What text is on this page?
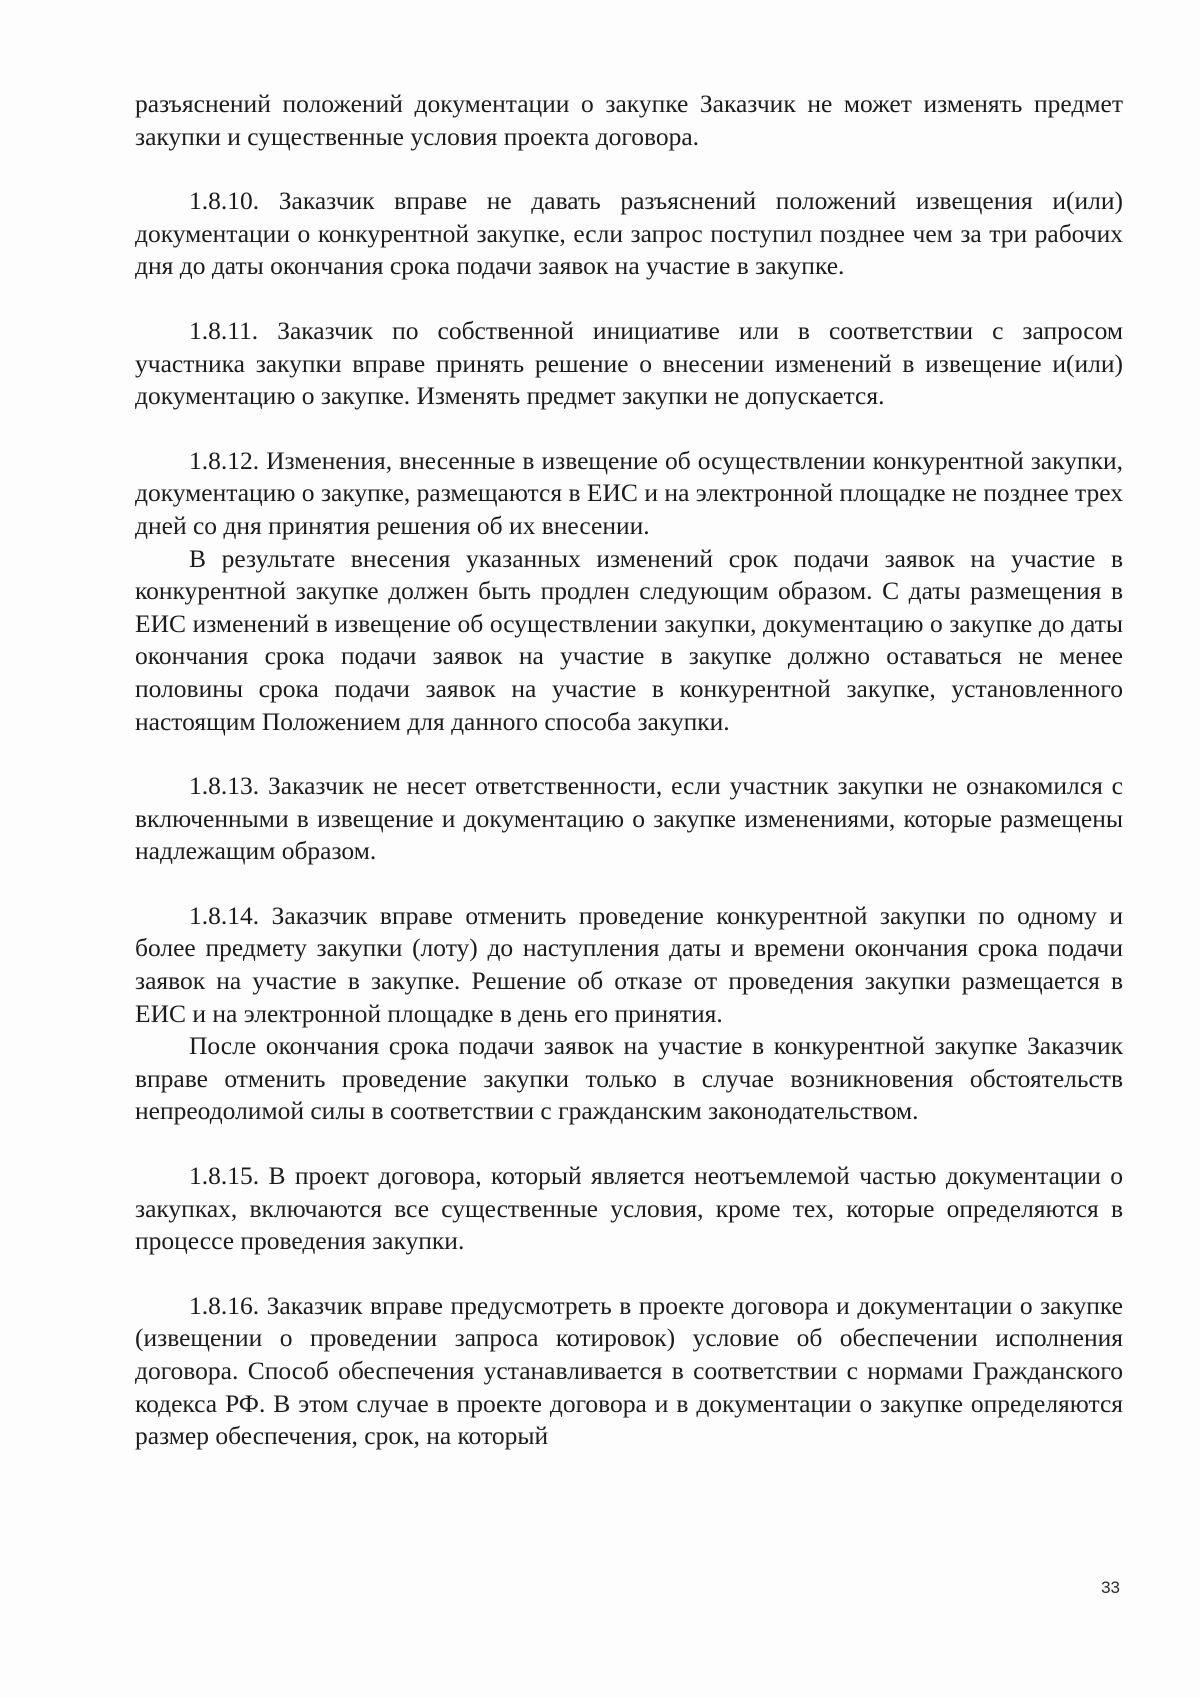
разъяснений положений документации о закупке Заказчик не может изменять предмет закупки и существенные условия проекта договора.

1.8.10. Заказчик вправе не давать разъяснений положений извещения и(или) документации о конкурентной закупке, если запрос поступил позднее чем за три рабочих дня до даты окончания срока подачи заявок на участие в закупке.

1.8.11. Заказчик по собственной инициативе или в соответствии с запросом участника закупки вправе принять решение о внесении изменений в извещение и(или) документацию о закупке. Изменять предмет закупки не допускается.

1.8.12. Изменения, внесенные в извещение об осуществлении конкурентной закупки, документацию о закупке, размещаются в ЕИС и на электронной площадке не позднее трех дней со дня принятия решения об их внесении.

В результате внесения указанных изменений срок подачи заявок на участие в конкурентной закупке должен быть продлен следующим образом. С даты размещения в ЕИС изменений в извещение об осуществлении закупки, документацию о закупке до даты окончания срока подачи заявок на участие в закупке должно оставаться не менее половины срока подачи заявок на участие в конкурентной закупке, установленного настоящим Положением для данного способа закупки.

1.8.13. Заказчик не несет ответственности, если участник закупки не ознакомился с включенными в извещение и документацию о закупке изменениями, которые размещены надлежащим образом.

1.8.14. Заказчик вправе отменить проведение конкурентной закупки по одному и более предмету закупки (лоту) до наступления даты и времени окончания срока подачи заявок на участие в закупке. Решение об отказе от проведения закупки размещается в ЕИС и на электронной площадке в день его принятия.

После окончания срока подачи заявок на участие в конкурентной закупке Заказчик вправе отменить проведение закупки только в случае возникновения обстоятельств непреодолимой силы в соответствии с гражданским законодательством.

1.8.15. В проект договора, который является неотъемлемой частью документации о закупках, включаются все существенные условия, кроме тех, которые определяются в процессе проведения закупки.

1.8.16. Заказчик вправе предусмотреть в проекте договора и документации о закупке (извещении о проведении запроса котировок) условие об обеспечении исполнения договора. Способ обеспечения устанавливается в соответствии с нормами Гражданского кодекса РФ. В этом случае в проекте договора и в документации о закупке определяются размер обеспечения, срок, на который

33
